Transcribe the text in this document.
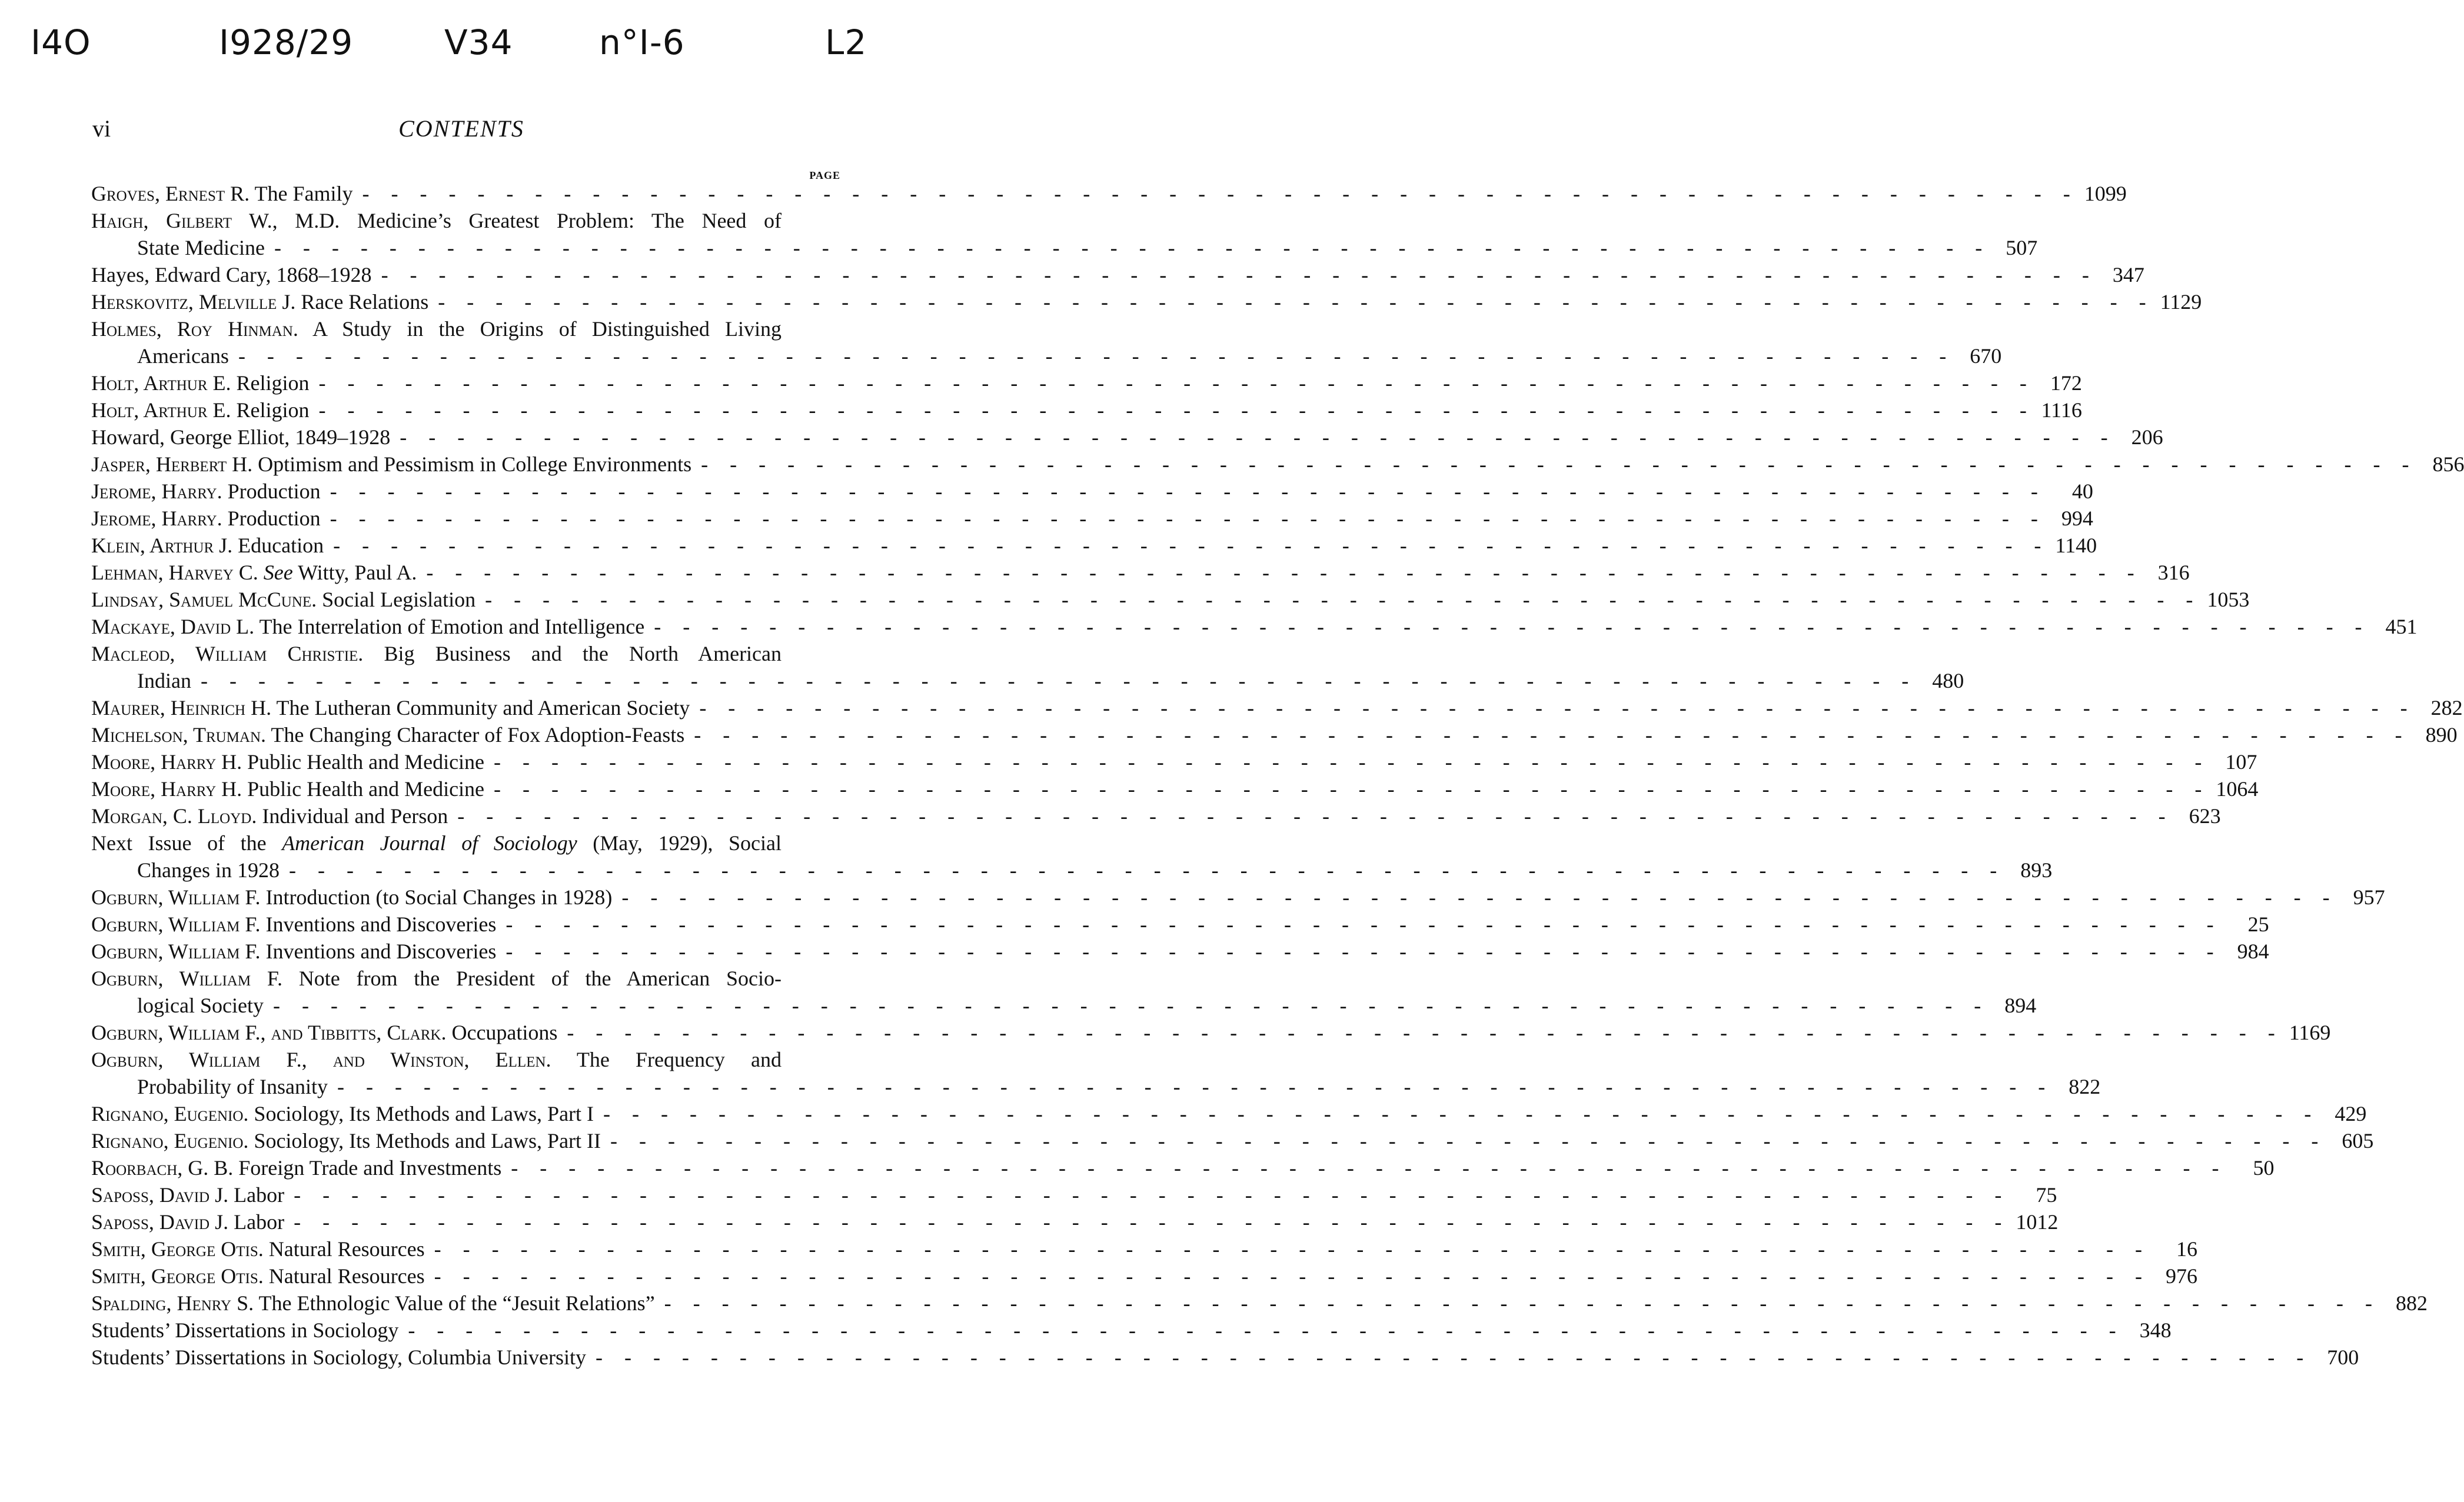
I4O	I928/29	V34	n°I-6	L2
vi	CONTENTS
PAGE
Groves, Ernest R. The Family - - - - - - - - - - - - - - - - - - - - - - - - - - - - - - - - - - - - - - - - - - - - - - - - - - - - - - - - - - - - 1099
Haigh, Gilbert W., M.D. Medicine’s Greatest Problem: The Need of
State Medicine - - - - - - - - - - - - - - - - - - - - - - - - - - - - - - - - - - - - - - - - - - - - - - - - - - - - - - - - - - - - 507
Hayes, Edward Cary, 1868–1928 - - - - - - - - - - - - - - - - - - - - - - - - - - - - - - - - - - - - - - - - - - - - - - - - - - - - - - - - - - - - 347
Herskovitz, Melville J. Race Relations - - - - - - - - - - - - - - - - - - - - - - - - - - - - - - - - - - - - - - - - - - - - - - - - - - - - - - - - - - - - 1129
Holmes, Roy Hinman. A Study in the Origins of Distinguished Living
Americans - - - - - - - - - - - - - - - - - - - - - - - - - - - - - - - - - - - - - - - - - - - - - - - - - - - - - - - - - - - - 670
Holt, Arthur E. Religion - - - - - - - - - - - - - - - - - - - - - - - - - - - - - - - - - - - - - - - - - - - - - - - - - - - - - - - - - - - - 172
Holt, Arthur E. Religion - - - - - - - - - - - - - - - - - - - - - - - - - - - - - - - - - - - - - - - - - - - - - - - - - - - - - - - - - - - - 1116
Howard, George Elliot, 1849–1928 - - - - - - - - - - - - - - - - - - - - - - - - - - - - - - - - - - - - - - - - - - - - - - - - - - - - - - - - - - - - 206
Jasper, Herbert H. Optimism and Pessimism in College Environments - - - - - - - - - - - - - - - - - - - - - - - - - - - - - - - - - - - - - - - - - - - - - - - - - - - - - - - - - - - - 856
Jerome, Harry. Production - - - - - - - - - - - - - - - - - - - - - - - - - - - - - - - - - - - - - - - - - - - - - - - - - - - - - - - - - - - -	40
Jerome, Harry. Production - - - - - - - - - - - - - - - - - - - - - - - - - - - - - - - - - - - - - - - - - - - - - - - - - - - - - - - - - - - - 994
Klein, Arthur J. Education - - - - - - - - - - - - - - - - - - - - - - - - - - - - - - - - - - - - - - - - - - - - - - - - - - - - - - - - - - - - 1140
Lehman, Harvey C. See Witty, Paul A. - - - - - - - - - - - - - - - - - - - - - - - - - - - - - - - - - - - - - - - - - - - - - - - - - - - - - - - - - - - - 316
Lindsay, Samuel McCune. Social Legislation - - - - - - - - - - - - - - - - - - - - - - - - - - - - - - - - - - - - - - - - - - - - - - - - - - - - - - - - - - - - 1053
Mackaye, David L. The Interrelation of Emotion and Intelligence - - - - - - - - - - - - - - - - - - - - - - - - - - - - - - - - - - - - - - - - - - - - - - - - - - - - - - - - - - - - 451
Macleod, William Christie. Big Business and the North American
Indian - - - - - - - - - - - - - - - - - - - - - - - - - - - - - - - - - - - - - - - - - - - - - - - - - - - - - - - - - - - - 480
Maurer, Heinrich H. The Lutheran Community and American Society - - - - - - - - - - - - - - - - - - - - - - - - - - - - - - - - - - - - - - - - - - - - - - - - - - - - - - - - - - - - 282
Michelson, Truman. The Changing Character of Fox Adoption-Feasts - - - - - - - - - - - - - - - - - - - - - - - - - - - - - - - - - - - - - - - - - - - - - - - - - - - - - - - - - - - - 890
Moore, Harry H. Public Health and Medicine - - - - - - - - - - - - - - - - - - - - - - - - - - - - - - - - - - - - - - - - - - - - - - - - - - - - - - - - - - - - 107
Moore, Harry H. Public Health and Medicine - - - - - - - - - - - - - - - - - - - - - - - - - - - - - - - - - - - - - - - - - - - - - - - - - - - - - - - - - - - - 1064
Morgan, C. Lloyd. Individual and Person - - - - - - - - - - - - - - - - - - - - - - - - - - - - - - - - - - - - - - - - - - - - - - - - - - - - - - - - - - - - 623
Next Issue of the American Journal of Sociology (May, 1929), Social
Changes in 1928 - - - - - - - - - - - - - - - - - - - - - - - - - - - - - - - - - - - - - - - - - - - - - - - - - - - - - - - - - - - - 893
Ogburn, William F. Introduction (to Social Changes in 1928) - - - - - - - - - - - - - - - - - - - - - - - - - - - - - - - - - - - - - - - - - - - - - - - - - - - - - - - - - - - - 957
Ogburn, William F. Inventions and Discoveries - - - - - - - - - - - - - - - - - - - - - - - - - - - - - - - - - - - - - - - - - - - - - - - - - - - - - - - - - - - -	25
Ogburn, William F. Inventions and Discoveries - - - - - - - - - - - - - - - - - - - - - - - - - - - - - - - - - - - - - - - - - - - - - - - - - - - - - - - - - - - - 984
Ogburn, William F. Note from the President of the American Socio-
logical Society - - - - - - - - - - - - - - - - - - - - - - - - - - - - - - - - - - - - - - - - - - - - - - - - - - - - - - - - - - - - 894
Ogburn, William F., and Tibbitts, Clark. Occupations - - - - - - - - - - - - - - - - - - - - - - - - - - - - - - - - - - - - - - - - - - - - - - - - - - - - - - - - - - - - 1169
Ogburn, William F., and Winston, Ellen. The Frequency and
Probability of Insanity - - - - - - - - - - - - - - - - - - - - - - - - - - - - - - - - - - - - - - - - - - - - - - - - - - - - - - - - - - - - 822
Rignano, Eugenio. Sociology, Its Methods and Laws, Part I - - - - - - - - - - - - - - - - - - - - - - - - - - - - - - - - - - - - - - - - - - - - - - - - - - - - - - - - - - - - 429
Rignano, Eugenio. Sociology, Its Methods and Laws, Part II - - - - - - - - - - - - - - - - - - - - - - - - - - - - - - - - - - - - - - - - - - - - - - - - - - - - - - - - - - - - 605
Roorbach, G. B. Foreign Trade and Investments - - - - - - - - - - - - - - - - - - - - - - - - - - - - - - - - - - - - - - - - - - - - - - - - - - - - - - - - - - - -	50
Saposs, David J. Labor - - - - - - - - - - - - - - - - - - - - - - - - - - - - - - - - - - - - - - - - - - - - - - - - - - - - - - - - - - - -	75
Saposs, David J. Labor - - - - - - - - - - - - - - - - - - - - - - - - - - - - - - - - - - - - - - - - - - - - - - - - - - - - - - - - - - - - 1012
Smith, George Otis. Natural Resources - - - - - - - - - - - - - - - - - - - - - - - - - - - - - - - - - - - - - - - - - - - - - - - - - - - - - - - - - - - -	16
Smith, George Otis. Natural Resources - - - - - - - - - - - - - - - - - - - - - - - - - - - - - - - - - - - - - - - - - - - - - - - - - - - - - - - - - - - - 976
Spalding, Henry S. The Ethnologic Value of the “Jesuit Relations” - - - - - - - - - - - - - - - - - - - - - - - - - - - - - - - - - - - - - - - - - - - - - - - - - - - - - - - - - - - - 882
Students’ Dissertations in Sociology - - - - - - - - - - - - - - - - - - - - - - - - - - - - - - - - - - - - - - - - - - - - - - - - - - - - - - - - - - - - 348
Students’ Dissertations in Sociology, Columbia University - - - - - - - - - - - - - - - - - - - - - - - - - - - - - - - - - - - - - - - - - - - - - - - - - - - - - - - - - - - - 700
